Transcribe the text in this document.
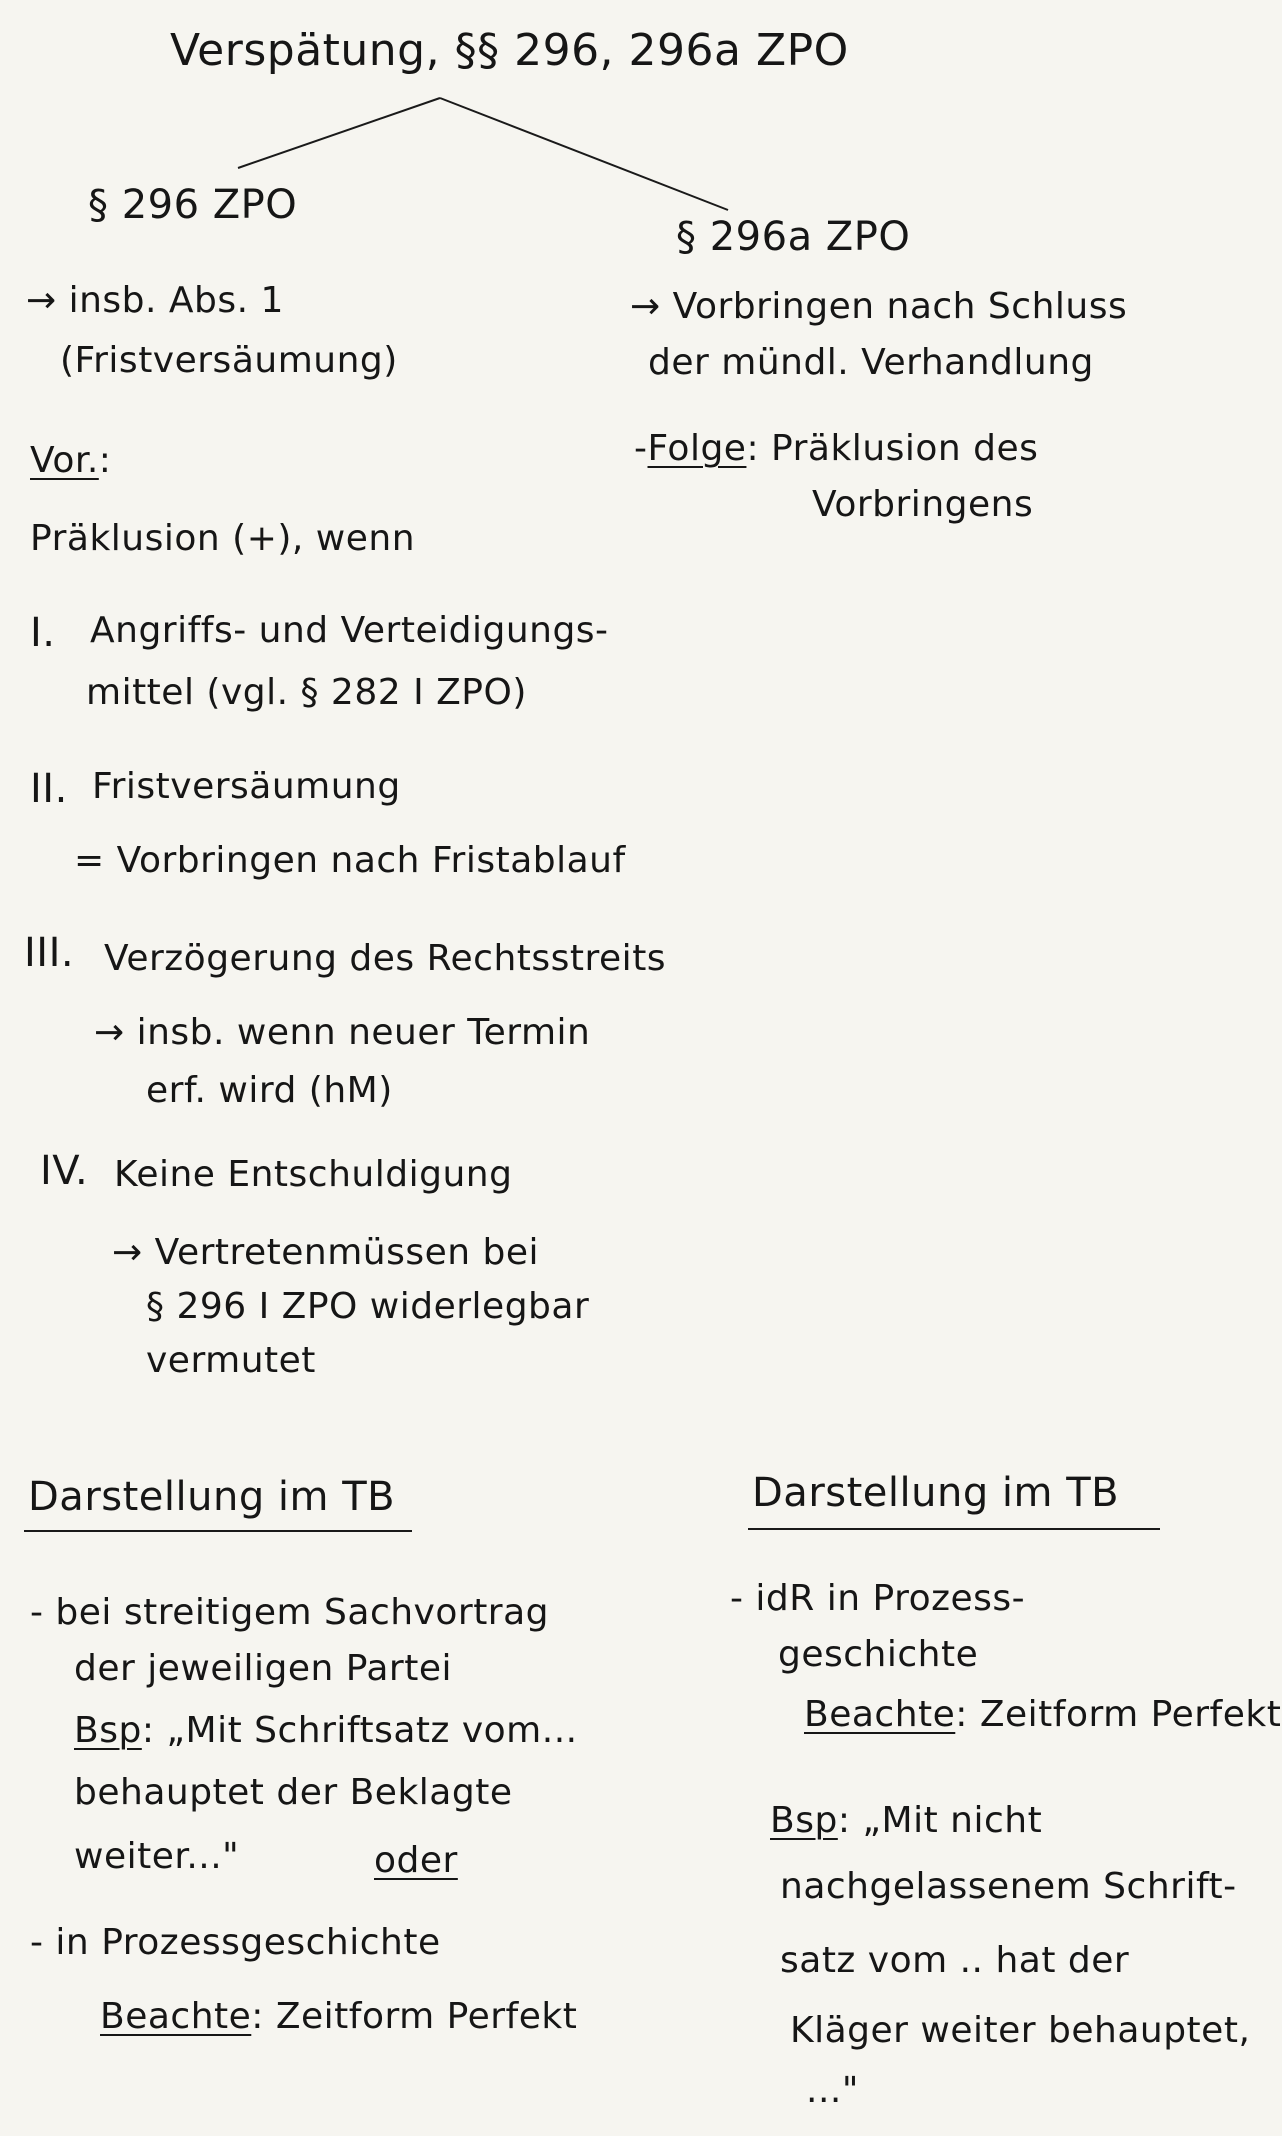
Verspätung, §§ 296, 296a ZPO
§ 296 ZPO
→ insb. Abs. 1
(Fristversäumung)
Vor.:
Präklusion (+), wenn
I. Angriffs- und Verteidigungs-
mittel (vgl. § 282 I ZPO)
II. Fristversäumung
= Vorbringen nach Fristablauf
III. Verzögerung des Rechtsstreits
→ insb. wenn neuer Termin
erf. wird (hM)
IV. Keine Entschuldigung
→ Vertretenmüssen bei
§ 296 I ZPO widerlegbar
vermutet
Darstellung im TB
- bei streitigem Sachvortrag
der jeweiligen Partei
Bsp: „Mit Schriftsatz vom...
behauptet der Beklagte
weiter..."	oder
- in Prozessgeschichte
Beachte: Zeitform Perfekt
§ 296a ZPO
→ Vorbringen nach Schluss
der mündl. Verhandlung
-Folge: Präklusion des
Vorbringens
Darstellung im TB
- idR in Prozess-
geschichte
Beachte: Zeitform Perfekt
Bsp: „Mit nicht
nachgelassenem Schrift-
satz vom .. hat der
Kläger weiter behauptet,
..."
